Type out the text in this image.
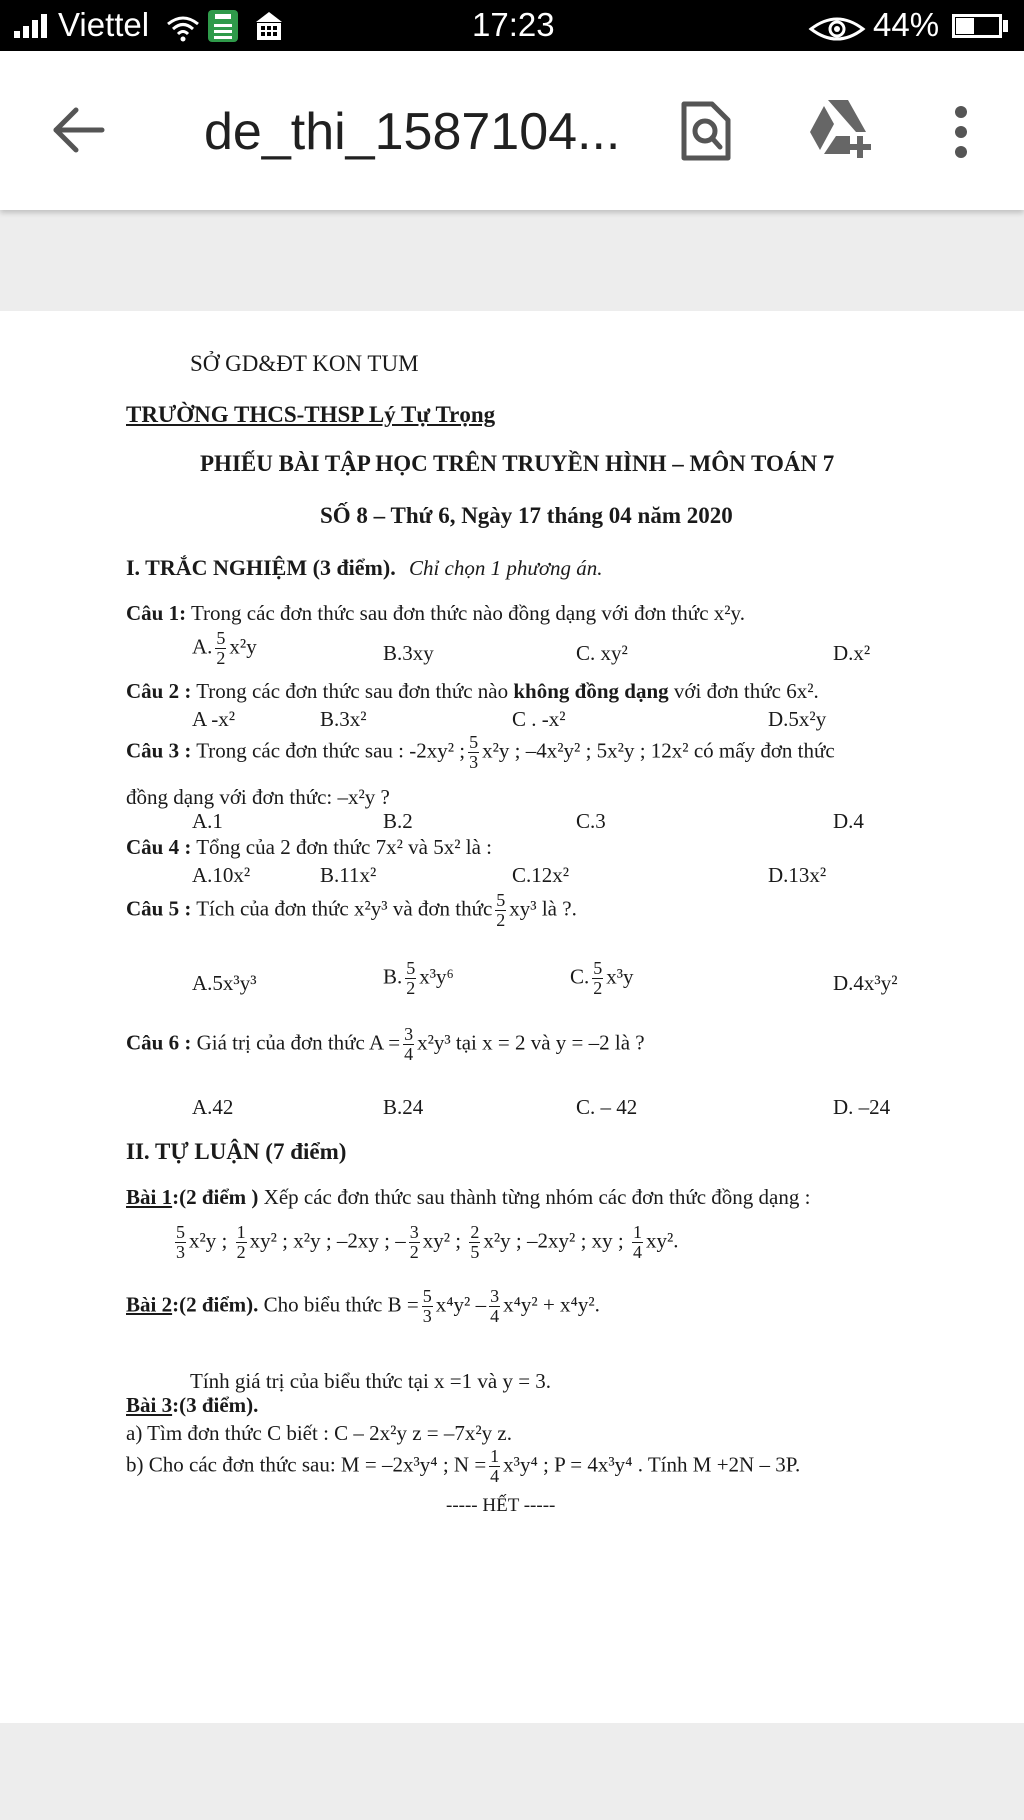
Viettel	17:23	44%
de_thi_1587104...
SỞ GD&ĐT KON TUM
TRƯỜNG THCS-THSP Lý Tự Trọng
PHIẾU BÀI TẬP HỌC TRÊN TRUYỀN HÌNH – MÔN TOÁN 7
SỐ 8 – Thứ 6, Ngày 17 tháng 04 năm 2020
I. TRẮC NGHIỆM (3 điểm). Chỉ chọn 1 phương án.
Câu 1: Trong các đơn thức sau đơn thức nào đồng dạng với đơn thức x²y.
A. $\frac{5}{2} x^2y$	B.3xy	C. xy²	D.x²
Câu 2 : Trong các đơn thức sau đơn thức nào không đồng dạng với đơn thức 6x².
A -x²	B.3x²	C . -x²	D.5x²y
Câu 3 : Trong các đơn thức sau : -2xy² ; $\frac{5}{3} x^2y$ ; –4x²y² ; 5x²y ; 12x² có mấy đơn thức
đồng dạng với đơn thức: –x²y ?
A.1	B.2	C.3	D.4
Câu 4 : Tổng của 2 đơn thức 7x² và 5x² là :
A.10x²	B.11x²	C.12x²	D.13x²
Câu 5 : Tích của đơn thức x²y³ và đơn thức $\frac{5}{2} xy^3$ là ?.
A.5x³y³	B. $\frac{5}{2} x^3y^6$	C. $\frac{5}{2} x^3y$	D.4x³y²
Câu 6 : Giá trị của đơn thức $A = \frac{3}{4} x^2y^3$ tại x = 2 và y = –2 là ?
A.42	B.24	C. – 42	D. –24
II. TỰ LUẬN (7 điểm)
Bài 1:(2 điểm ) Xếp các đơn thức sau thành từng nhóm các đơn thức đồng dạng :
$\frac{5}{3} x^2y$ ; $\frac{1}{2} xy^2$ ; x²y ; –2xy ; – $\frac{3}{2} xy^2$ ; $\frac{2}{5} x^2y$ ; –2xy² ; xy ; $\frac{1}{4} xy^2$.
Bài 2:(2 điểm). Cho biểu thức $B = \frac{5}{3} x^4y^2 - \frac{3}{4} x^4y^2 + x^4y^2$.
Tính giá trị của biểu thức tại x =1 và y = 3.
Bài 3:(3 điểm).
a) Tìm đơn thức C biết : C – 2x²y z = –7x²y z.
b) Cho các đơn thức sau: M = –2x³y⁴ ; $N = \frac{1}{4} x^3y^4$ ; P = 4x³y⁴ . Tính M +2N – 3P.
----- HẾT -----
